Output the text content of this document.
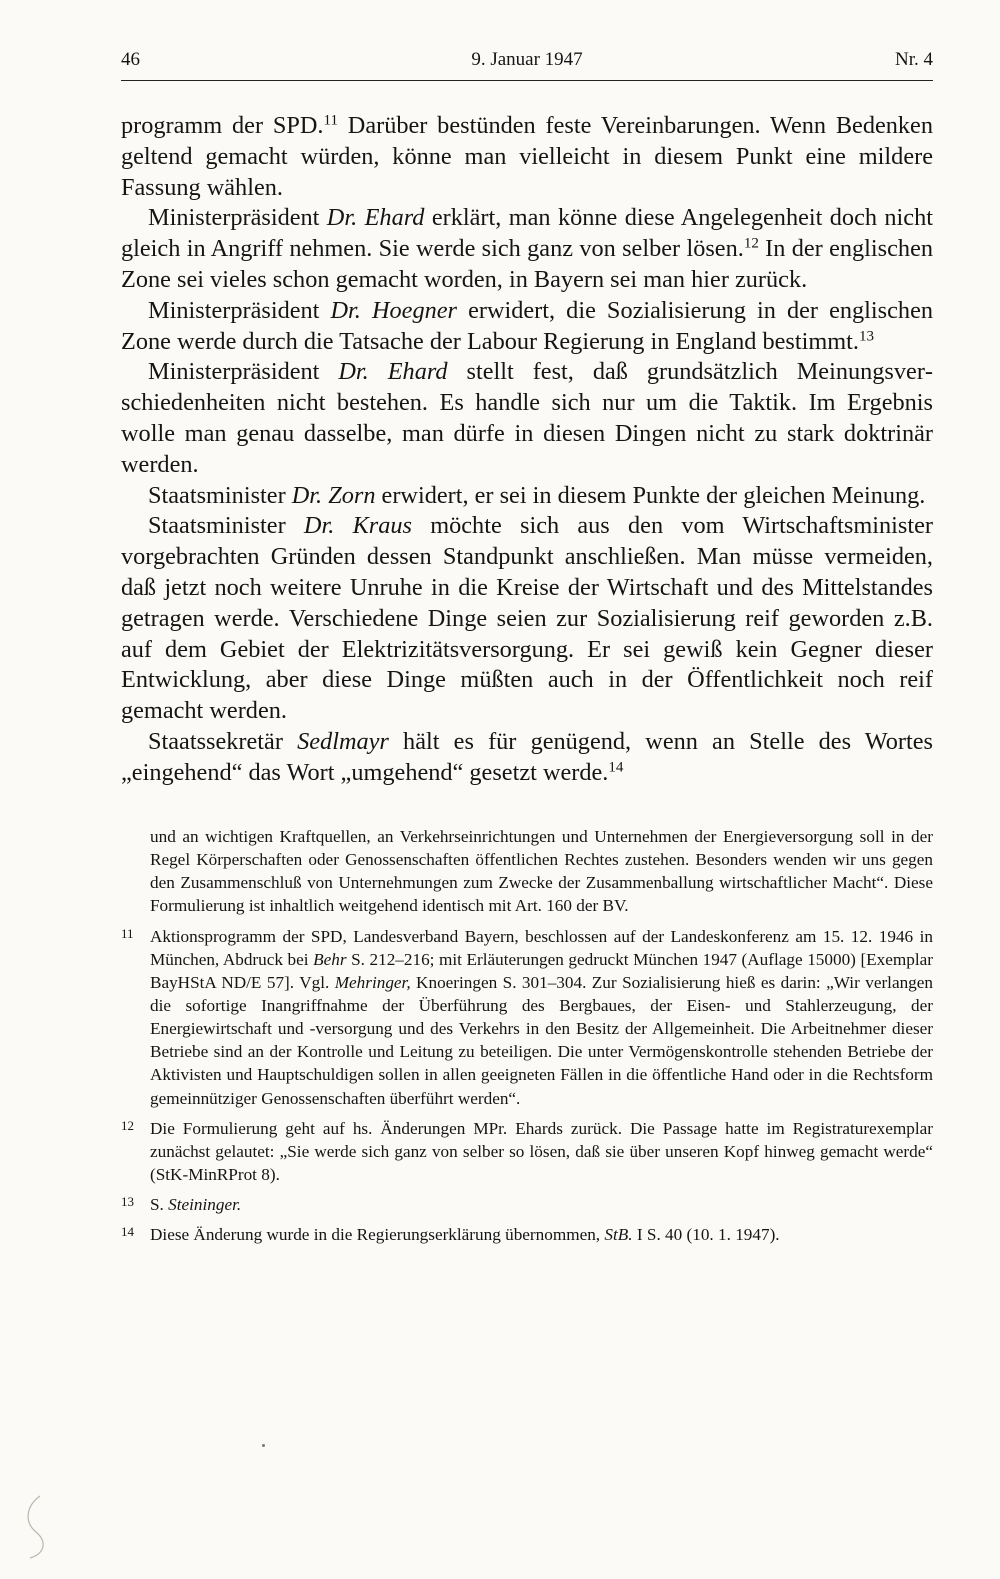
46	9. Januar 1947	Nr. 4

programm der SPD.$^{11}$ Darüber bestünden feste Vereinbarungen. Wenn Bedenken geltend gemacht würden, könne man vielleicht in diesem Punkt eine mildere Fassung wählen.

Ministerpräsident Dr. Ehard erklärt, man könne diese Angelegenheit doch nicht gleich in Angriff nehmen. Sie werde sich ganz von selber lösen.$^{12}$ In der englischen Zone sei vieles schon gemacht worden, in Bayern sei man hier zurück.

Ministerpräsident Dr. Hoegner erwidert, die Sozialisierung in der englischen Zone werde durch die Tatsache der Labour Regierung in England bestimmt.$^{13}$

Ministerpräsident Dr. Ehard stellt fest, daß grundsätzlich Meinungsverschiedenheiten nicht bestehen. Es handle sich nur um die Taktik. Im Ergebnis wolle man genau dasselbe, man dürfe in diesen Dingen nicht zu stark doktrinär werden.

Staatsminister Dr. Zorn erwidert, er sei in diesem Punkte der gleichen Meinung.

Staatsminister Dr. Kraus möchte sich aus den vom Wirtschaftsminister vorgebrachten Gründen dessen Standpunkt anschließen. Man müsse vermeiden, daß jetzt noch weitere Unruhe in die Kreise der Wirtschaft und des Mittelstandes getragen werde. Verschiedene Dinge seien zur Sozialisierung reif geworden z.B. auf dem Gebiet der Elektrizitätsversorgung. Er sei gewiß kein Gegner dieser Entwicklung, aber diese Dinge müßten auch in der Öffentlichkeit noch reif gemacht werden.

Staatssekretär Sedlmayr hält es für genügend, wenn an Stelle des Wortes „eingehend“ das Wort „umgehend“ gesetzt werde.$^{14}$

und an wichtigen Kraftquellen, an Verkehrseinrichtungen und Unternehmen der Energieversorgung soll in der Regel Körperschaften oder Genossenschaften öffentlichen Rechtes zustehen. Besonders wenden wir uns gegen den Zusammenschluß von Unternehmungen zum Zwecke der Zusammenballung wirtschaftlicher Macht“. Diese Formulierung ist inhaltlich weitgehend identisch mit Art. 160 der BV.
11 Aktionsprogramm der SPD, Landesverband Bayern, beschlossen auf der Landeskonferenz am 15. 12. 1946 in München, Abdruck bei Behr S. 212–216; mit Erläuterungen gedruckt München 1947 (Auflage 15000) [Exemplar BayHStA ND/E 57]. Vgl. Mehringer, Knoeringen S. 301–304. Zur Sozialisierung hieß es darin: „Wir verlangen die sofortige Inangriffnahme der Überführung des Bergbaues, der Eisen- und Stahlerzeugung, der Energiewirtschaft und -versorgung und des Verkehrs in den Besitz der Allgemeinheit. Die Arbeitnehmer dieser Betriebe sind an der Kontrolle und Leitung zu beteiligen. Die unter Vermögenskontrolle stehenden Betriebe der Aktivisten und Hauptschuldigen sollen in allen geeigneten Fällen in die öffentliche Hand oder in die Rechtsform gemeinnütziger Genossenschaften überführt werden“.
12 Die Formulierung geht auf hs. Änderungen MPr. Ehards zurück. Die Passage hatte im Registraturexemplar zunächst gelautet: „Sie werde sich ganz von selber so lösen, daß sie über unseren Kopf hinweg gemacht werde“ (StK-MinRProt 8).
13 S. Steininger.
14 Diese Änderung wurde in die Regierungserklärung übernommen, StB. I S. 40 (10. 1. 1947).
